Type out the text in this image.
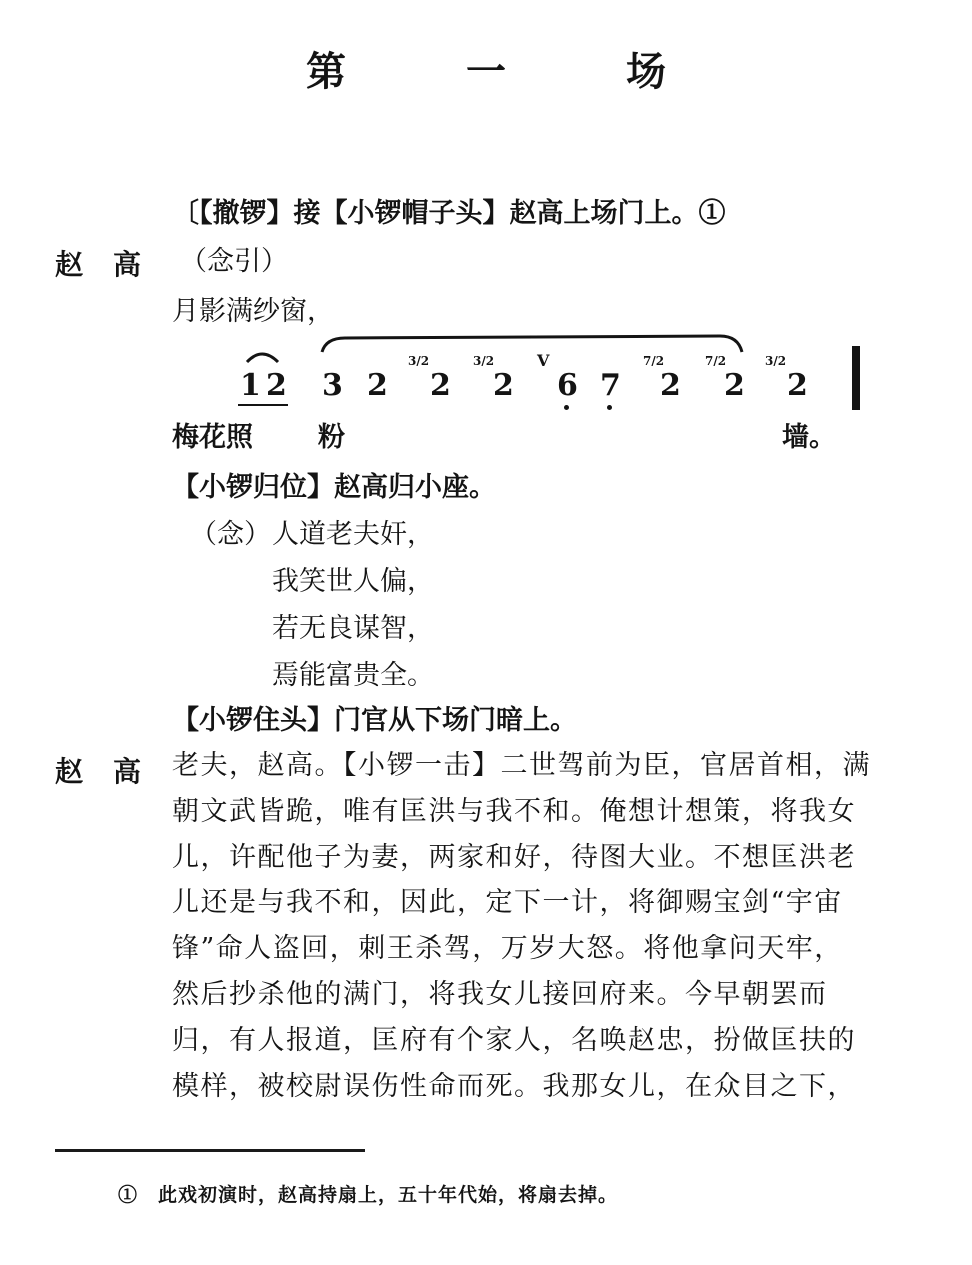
第　一　场
〔【撤锣】接【小锣帽子头】赵高上场门上。①
赵高 （念引）
月影满纱窗，
1 2 3 2
3/2
2
3/2
2
V
6 7
7/2
2
7/2
2
3/2
2
梅花照 粉	墙。
【小锣归位】赵高归小座。
（念） 人道老夫奸，
我笑世人偏，
若无良谋智，
焉能富贵全。
【小锣住头】门官从下场门暗上。
赵高 老夫，赵高。【小锣一击】二世驾前为臣，官居首相，满
朝文武皆跪，唯有匡洪与我不和。俺想计想策，将我女
儿，许配他子为妻，两家和好，待图大业。不想匡洪老
儿还是与我不和，因此，定下一计，将御赐宝剑“宇宙
锋”命人盗回，刺王杀驾，万岁大怒。将他拿问天牢，
然后抄杀他的满门，将我女儿接回府来。今早朝罢而
归，有人报道，匡府有个家人，名唤赵忠，扮做匡扶的
模样，被校尉误伤性命而死。我那女儿，在众目之下，
①　此戏初演时，赵高持扇上，五十年代始，将扇去掉。
